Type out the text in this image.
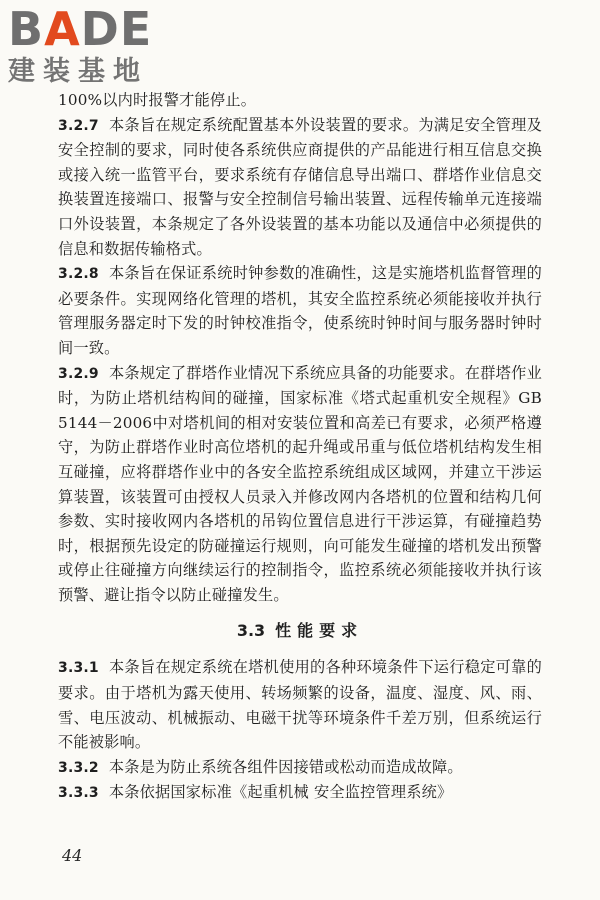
BADE
建装基地

100%以内时报警才能停止。

3.2.7 本条旨在规定系统配置基本外设装置的要求。为满足安全管理及安全控制的要求，同时使各系统供应商提供的产品能进行相互信息交换或接入统一监管平台，要求系统有存储信息导出端口、群塔作业信息交换装置连接端口、报警与安全控制信号输出装置、远程传输单元连接端口外设装置，本条规定了各外设装置的基本功能以及通信中必须提供的信息和数据传输格式。

3.2.8 本条旨在保证系统时钟参数的准确性，这是实施塔机监督管理的必要条件。实现网络化管理的塔机，其安全监控系统必须能接收并执行管理服务器定时下发的时钟校准指令，使系统时钟时间与服务器时钟时间一致。

3.2.9 本条规定了群塔作业情况下系统应具备的功能要求。在群塔作业时，为防止塔机结构间的碰撞，国家标准《塔式起重机安全规程》GB 5144－2006中对塔机间的相对安装位置和高差已有要求，必须严格遵守，为防止群塔作业时高位塔机的起升绳或吊重与低位塔机结构发生相互碰撞，应将群塔作业中的各安全监控系统组成区域网，并建立干涉运算装置，该装置可由授权人员录入并修改网内各塔机的位置和结构几何参数、实时接收网内各塔机的吊钩位置信息进行干涉运算，有碰撞趋势时，根据预先设定的防碰撞运行规则，向可能发生碰撞的塔机发出预警或停止往碰撞方向继续运行的控制指令，监控系统必须能接收并执行该预警、避让指令以防止碰撞发生。

3.3 性能要求

3.3.1 本条旨在规定系统在塔机使用的各种环境条件下运行稳定可靠的要求。由于塔机为露天使用、转场频繁的设备，温度、湿度、风、雨、雪、电压波动、机械振动、电磁干扰等环境条件千差万别，但系统运行不能被影响。

3.3.2 本条是为防止系统各组件因接错或松动而造成故障。

3.3.3 本条依据国家标准《起重机械 安全监控管理系统》

44
